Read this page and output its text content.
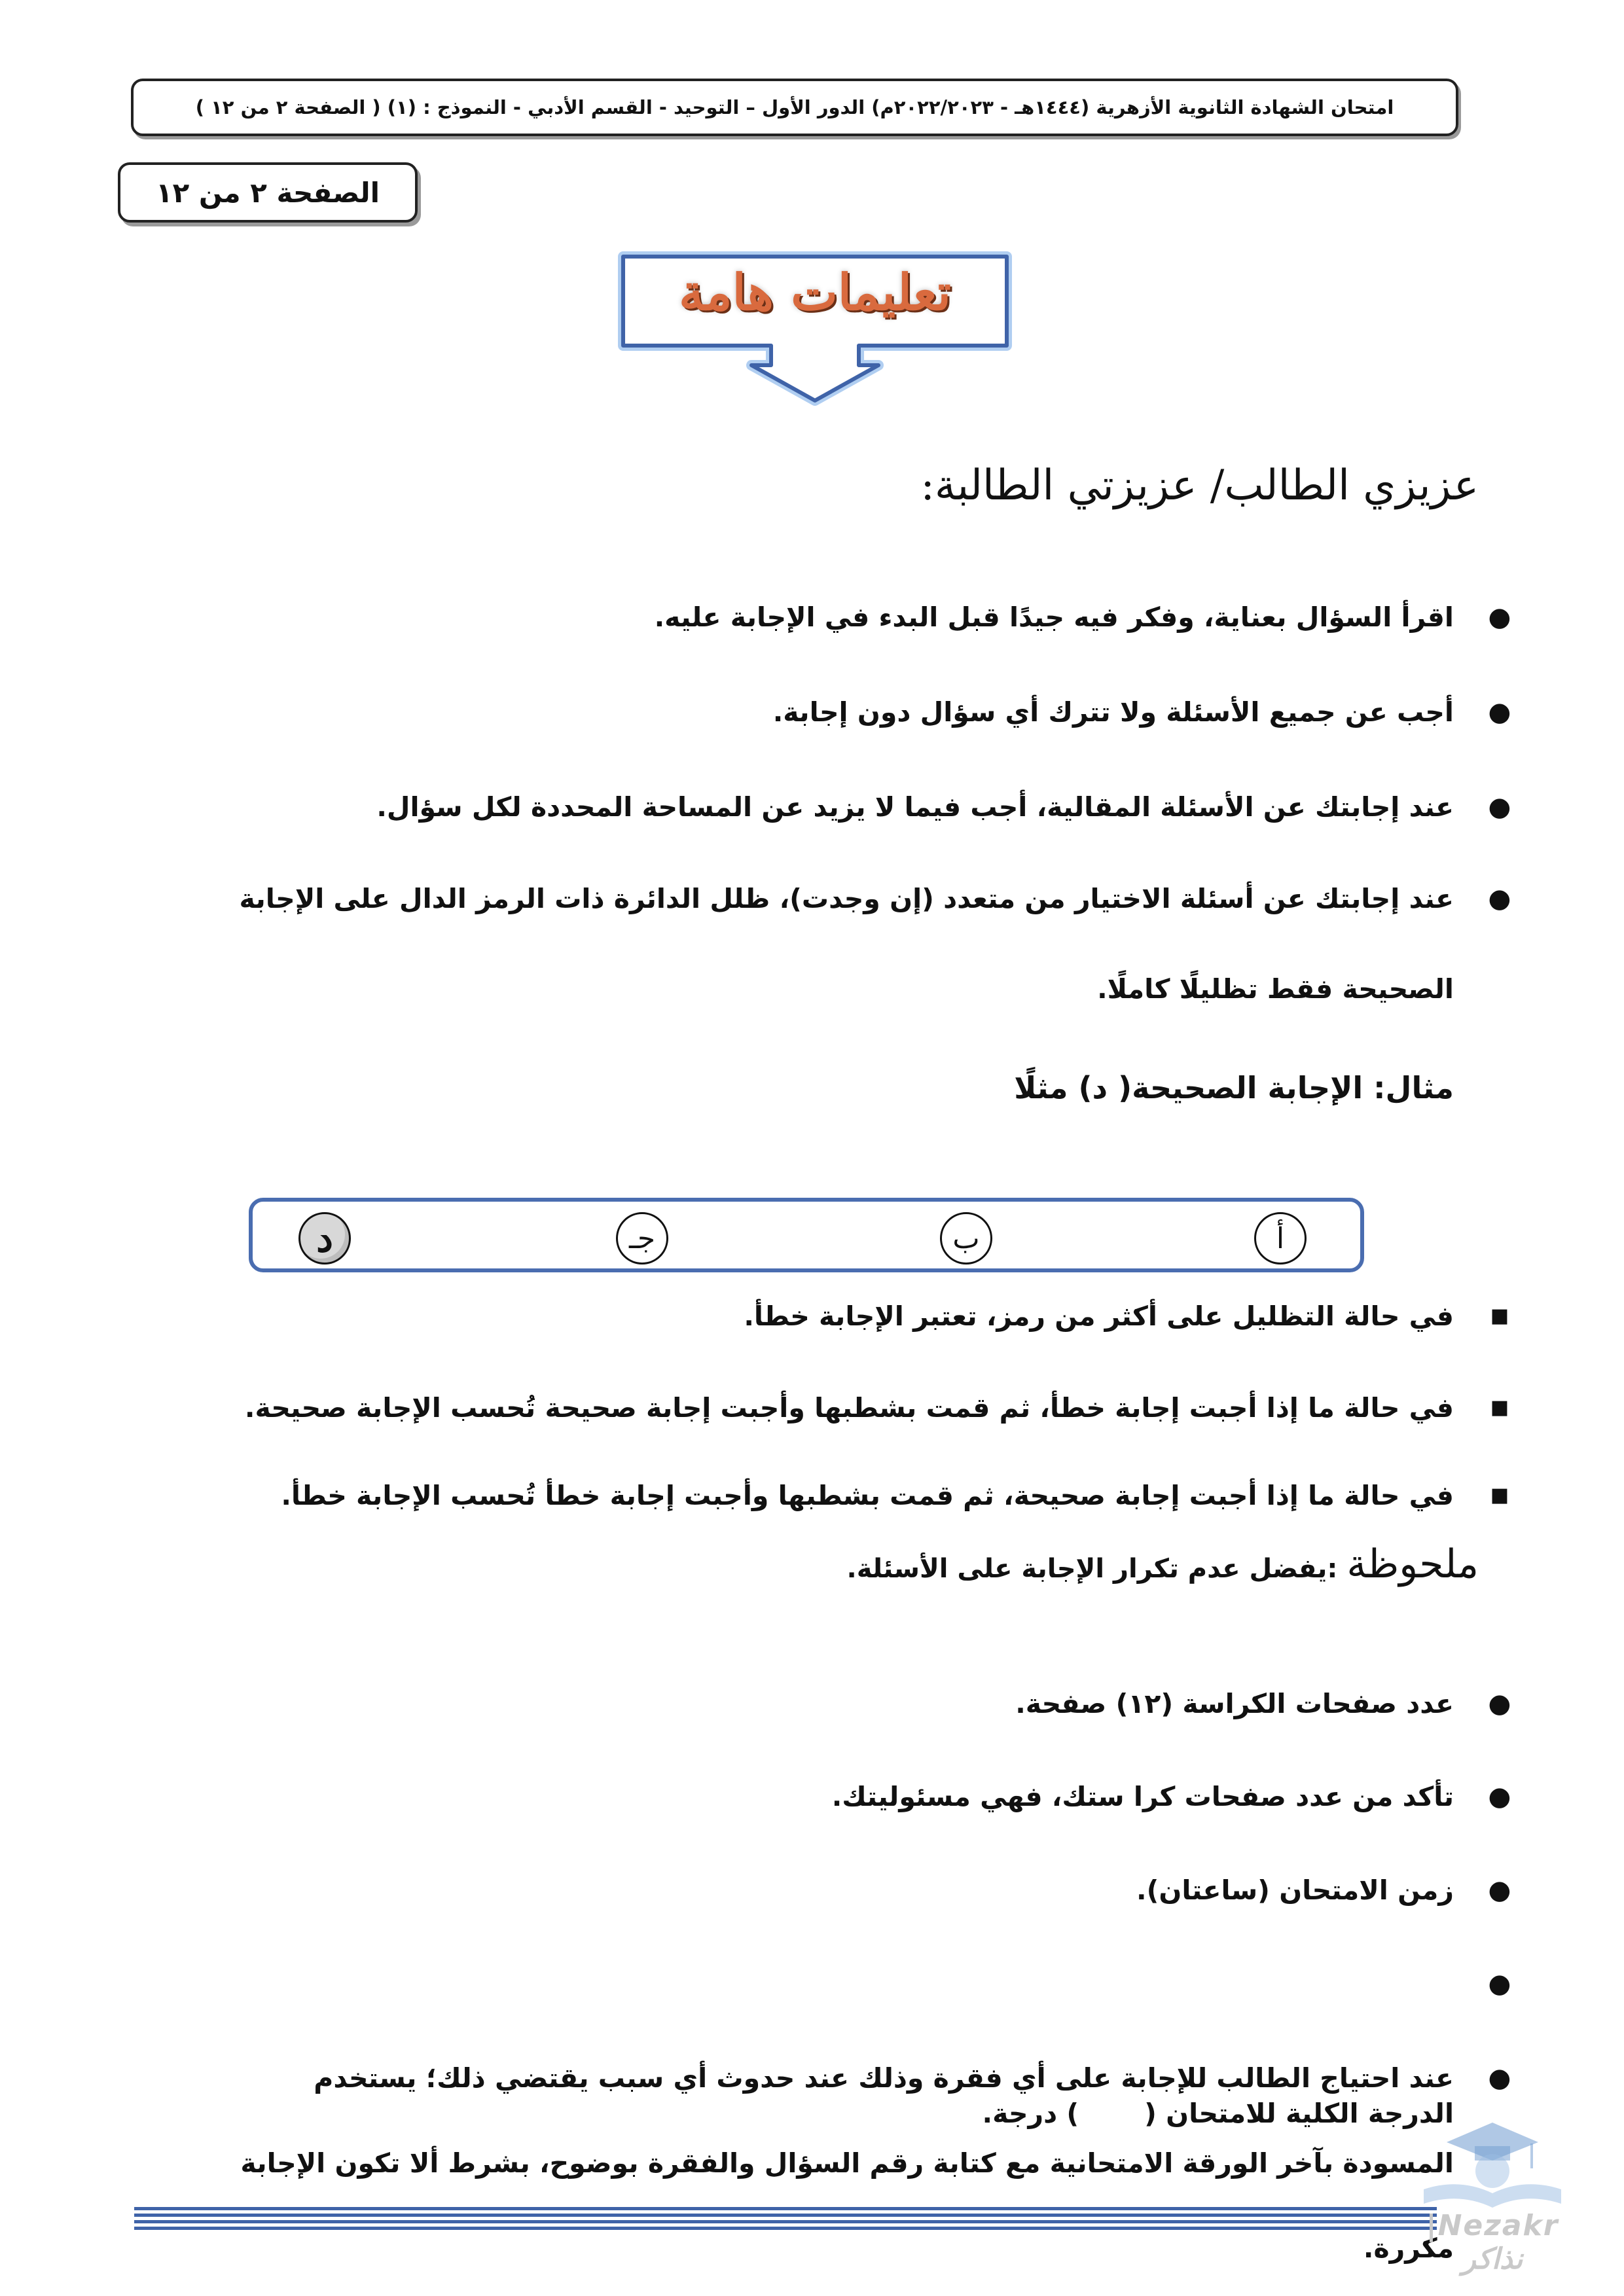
امتحان الشهادة الثانوية الأزهرية (١٤٤٤هـ - ٢٠٢٢/٢٠٢٣م) الدور الأول – التوحيد - القسم الأدبي - النموذج : (١) ( الصفحة ٢ من ١٢ )
الصفحة ٢ من ١٢
تعليمات هامة
عزيزي الطالب/ عزيزتي الطالبة:
●
اقرأ السؤال بعناية، وفكر فيه جيدًا قبل البدء في الإجابة عليه.
●
أجب عن جميع الأسئلة ولا تترك أي سؤال دون إجابة.
●
عند إجابتك عن الأسئلة المقالية، أجب فيما لا يزيد عن المساحة المحددة لكل سؤال.
●
عند إجابتك عن أسئلة الاختيار من متعدد (إن وجدت)، ظلل الدائرة ذات الرمز الدال على الإجابة الصحيحة فقط تظليلًا كاملًا.
مثال: الإجابة الصحيحة( د) مثلًا
أ
ب
جـ
د
■
في حالة التظليل على أكثر من رمز، تعتبر الإجابة خطأ.
■
في حالة ما إذا أجبت إجابة خطأ، ثم قمت بشطبها وأجبت إجابة صحيحة تُحسب الإجابة صحيحة.
■
في حالة ما إذا أجبت إجابة صحيحة، ثم قمت بشطبها وأجبت إجابة خطأ تُحسب الإجابة خطأ.
ملحوظة :يفضل عدم تكرار الإجابة على الأسئلة.
●
عدد صفحات الكراسة (١٢) صفحة.
●
تأكد من عدد صفحات كرا ستك، فهي مسئوليتك.
●
زمن الامتحان (ساعتان).

●

الدرجة الكلية للامتحان (       ) درجة.

●
عند احتياج الطالب للإجابة على أي فقرة وذلك عند حدوث أي سبب يقتضي ذلك؛ يستخدم المسودة بآخر الورقة الامتحانية مع كتابة رقم السؤال والفقرة بوضوح، بشرط ألا تكون الإجابة مكررة.
Nezakr|نذاكر
